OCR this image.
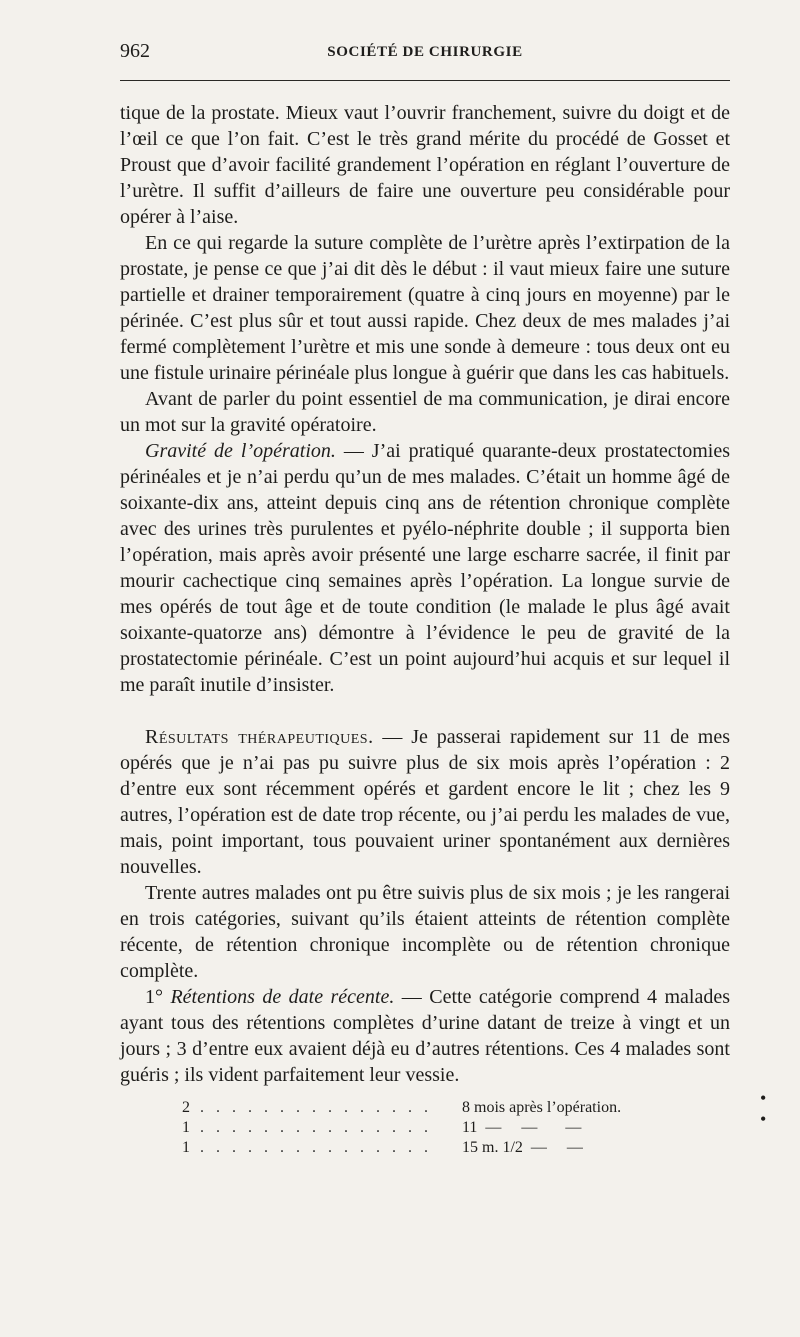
962	SOCIÉTÉ DE CHIRURGIE

tique de la prostate. Mieux vaut l’ouvrir franchement, suivre du doigt et de l’œil ce que l’on fait. C’est le très grand mérite du procédé de Gosset et Proust que d’avoir facilité grandement l’opération en réglant l’ouverture de l’urètre. Il suffit d’ailleurs de faire une ouverture peu considérable pour opérer à l’aise.

En ce qui regarde la suture complète de l’urètre après l’extirpation de la prostate, je pense ce que j’ai dit dès le début : il vaut mieux faire une suture partielle et drainer temporairement (quatre à cinq jours en moyenne) par le périnée. C’est plus sûr et tout aussi rapide. Chez deux de mes malades j’ai fermé complètement l’urètre et mis une sonde à demeure : tous deux ont eu une fistule urinaire périnéale plus longue à guérir que dans les cas habituels.

Avant de parler du point essentiel de ma communication, je dirai encore un mot sur la gravité opératoire.

Gravité de l’opération. — J’ai pratiqué quarante-deux prostatectomies périnéales et je n’ai perdu qu’un de mes malades. C’était un homme âgé de soixante-dix ans, atteint depuis cinq ans de rétention chronique complète avec des urines très purulentes et pyélo-néphrite double ; il supporta bien l’opération, mais après avoir présenté une large escharre sacrée, il finit par mourir cachectique cinq semaines après l’opération. La longue survie de mes opérés de tout âge et de toute condition (le malade le plus âgé avait soixante-quatorze ans) démontre à l’évidence le peu de gravité de la prostatectomie périnéale. C’est un point aujourd’hui acquis et sur lequel il me paraît inutile d’insister.

Résultats thérapeutiques. — Je passerai rapidement sur 11 de mes opérés que je n’ai pas pu suivre plus de six mois après l’opération : 2 d’entre eux sont récemment opérés et gardent encore le lit ; chez les 9 autres, l’opération est de date trop récente, ou j’ai perdu les malades de vue, mais, point important, tous pouvaient uriner spontanément aux dernières nouvelles.

Trente autres malades ont pu être suivis plus de six mois ; je les rangerai en trois catégories, suivant qu’ils étaient atteints de rétention complète récente, de rétention chronique incomplète ou de rétention chronique complète.

1° Rétentions de date récente. — Cette catégorie comprend 4 malades ayant tous des rétentions complètes d’urine datant de treize à vingt et un jours ; 3 d’entre eux avaient déjà eu d’autres rétentions. Ces 4 malades sont guéris ; ils vident parfaitement leur vessie.

2 . . . . . . . . . . . . . . .	8 mois après l’opération.
1 . . . . . . . . . . . . . . .	11  —     —       —
1 . . . . . . . . . . . . . . .	15 m. 1/2  —     —
• •
